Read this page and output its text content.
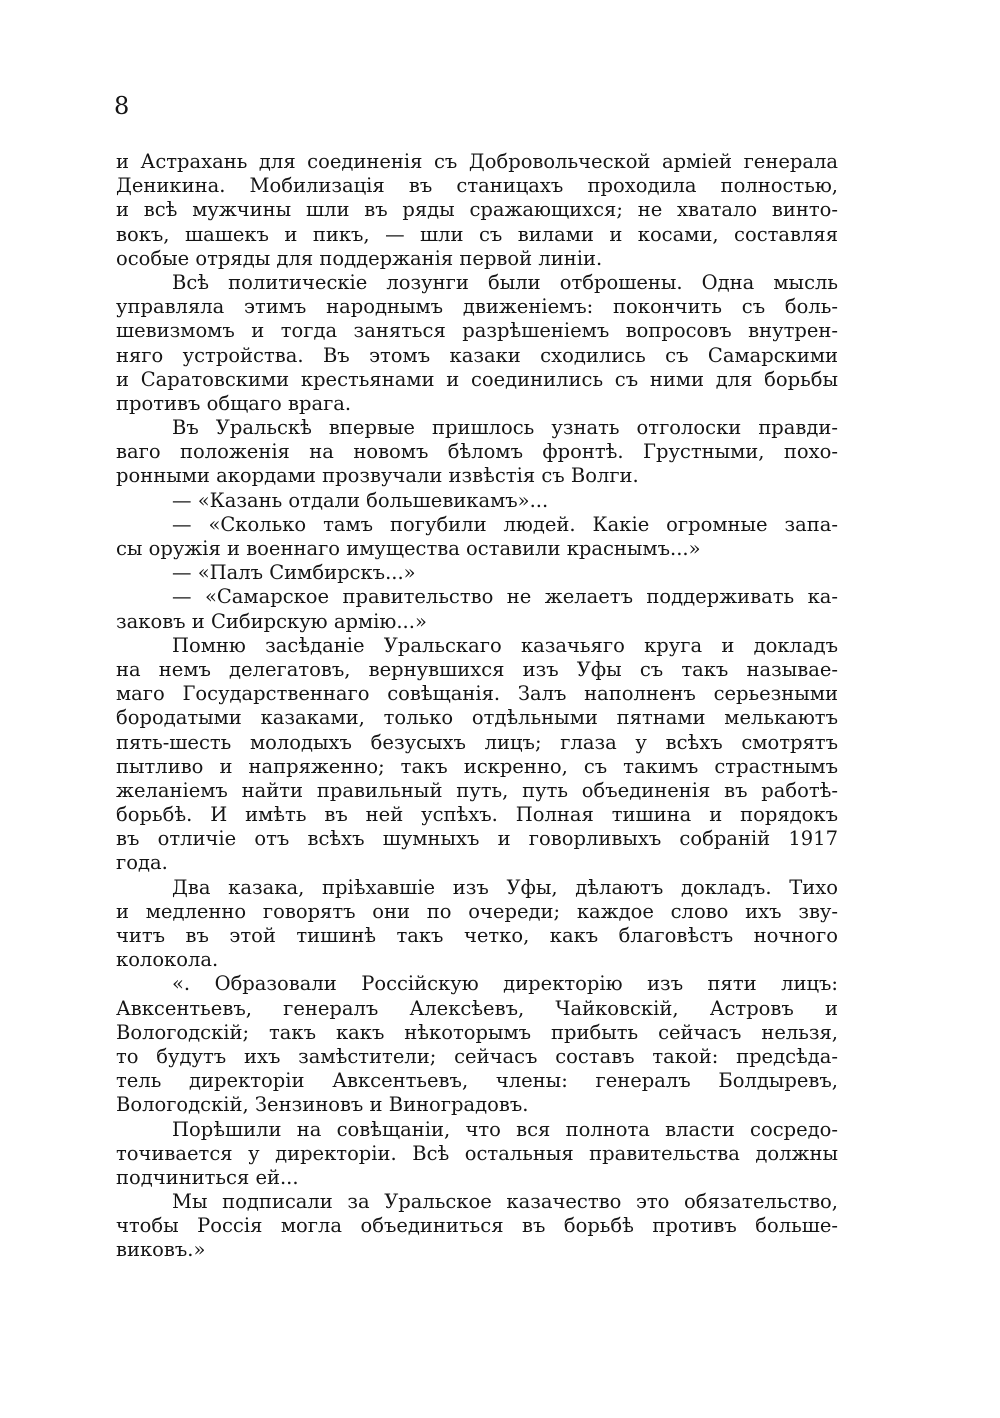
8

и Астрахань для соединенія съ Добровольческой арміей генерала
Деникина. Мобилизація въ станицахъ проходила полностью,
и всѣ мужчины шли въ ряды сражающихся; не хватало винто-
вокъ, шашекъ и пикъ, — шли съ вилами и косами, составляя
особые отряды для поддержанія первой линіи.
Всѣ политическіе лозунги были отброшены. Одна мысль
управляла этимъ народнымъ движеніемъ: покончить съ боль-
шевизмомъ и тогда заняться разрѣшеніемъ вопросовъ внутрен-
няго устройства. Въ этомъ казаки сходились съ Самарскими
и Саратовскими крестьянами и соединились съ ними для борьбы
противъ общаго врага.
Въ Уральскѣ впервые пришлось узнать отголоски правди-
ваго положенія на новомъ бѣломъ фронтѣ. Грустными, похо-
ронными акордами прозвучали извѣстія съ Волги.
— «Казань отдали большевикамъ»...
— «Сколько тамъ погубили людей. Какіе огромные запа-
сы оружія и военнаго имущества оставили краснымъ...»
— «Палъ Симбирскъ...»
— «Самарское правительство не желаетъ поддерживать ка-
заковъ и Сибирскую армію...»
Помню засѣданіе Уральскаго казачьяго круга и докладъ
на немъ делегатовъ, вернувшихся изъ Уфы съ такъ называе-
маго Государственнаго совѣщанія. Залъ наполненъ серьезными
бородатыми казаками, только отдѣльными пятнами мелькаютъ
пять-шесть молодыхъ безусыхъ лицъ; глаза у всѣхъ смотрятъ
пытливо и напряженно; такъ искренно, съ такимъ страстнымъ
желаніемъ найти правильный путь, путь объединенія въ работѣ-
борьбѣ. И имѣть въ ней успѣхъ. Полная тишина и порядокъ
въ отличіе отъ всѣхъ шумныхъ и говорливыхъ собраній 1917
года.
Два казака, пріѣхавшіе изъ Уфы, дѣлаютъ докладъ. Тихо
и медленно говорятъ они по очереди; каждое слово ихъ зву-
читъ въ этой тишинѣ такъ четко, какъ благовѣстъ ночного
колокола.
«. Образовали Россійскую директорію изъ пяти лицъ:
Авксентьевъ, генералъ Алексѣевъ, Чайковскій, Астровъ и
Вологодскій; такъ какъ нѣкоторымъ прибыть сейчасъ нельзя,
то будутъ ихъ замѣстители; сейчасъ составъ такой: предсѣда-
тель директоріи Авксентьевъ, члены: генералъ Болдыревъ,
Вологодскій, Зензиновъ и Виноградовъ.
Порѣшили на совѣщаніи, что вся полнота власти сосредо-
точивается у директоріи. Всѣ остальныя правительства должны
подчиниться ей...
Мы подписали за Уральское казачество это обязательство,
чтобы Россія могла объединиться въ борьбѣ противъ больше-
виковъ.»
